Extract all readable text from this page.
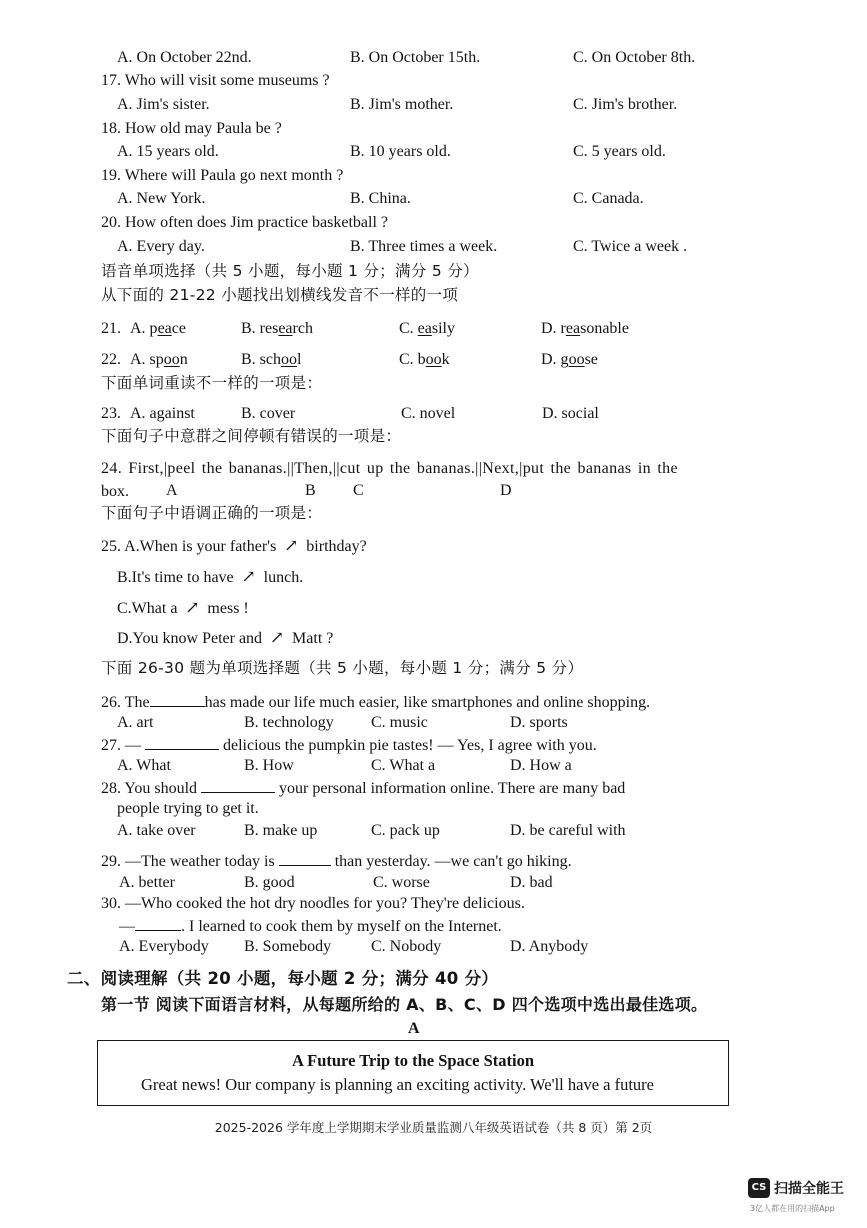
A. On October 22nd.	B. On October 15th.	C. On October 8th.
17. Who will visit some museums ?
A. Jim's sister.	B. Jim's mother.	C. Jim's brother.
18. How old may Paula be ?
A. 15 years old.	B. 10 years old.	C. 5 years old.
19. Where will Paula go next month ?
A. New York.	B. China.	C. Canada.
20. How often does Jim practice basketball ?
A. Every day.	B. Three times a week.	C. Twice a week .
语音单项选择（共 5 小题，每小题 1 分；满分 5 分）
从下面的 21-22 小题找出划横线发音不一样的一项
21. A. peace	B. research	C. easily	D. reasonable
22. A. spoon	B. school	C. book	D. goose
下面单词重读不一样的一项是：
23. A. against	B. cover	C. novel	D. social
下面句子中意群之间停顿有错误的一项是：
24. First,|peel the bananas.||Then,||cut up the bananas.||Next,|put the bananas in the
box. A	B C	D
下面句子中语调正确的一项是：
25. A.When is your father's ↗ birthday?
B.It's time to have ↗ lunch.
C.What a ↗ mess !
D.You know Peter and ↗ Matt ?
下面 26-30 题为单项选择题（共 5 小题，每小题 1 分；满分 5 分）
26. The	has made our life much easier, like smartphones and online shopping.
A. art	B. technology C. music	D. sports
27. —	delicious the pumpkin pie tastes! — Yes, I agree with you.
A. What	B. How	C. What a	D. How a
28. You should	your personal information online. There are many bad
people trying to get it.
A. take over	B. make up	C. pack up	D. be careful with
29. —The weather today is	than yesterday. —we can't go hiking.
A. better	B. good	C. worse	D. bad
30. —Who cooked the hot dry noodles for you? They're delicious.
—	. I learned to cook them by myself on the Internet.
A. Everybody B. Somebody C. Nobody	D. Anybody
二、阅读理解（共 20 小题，每小题 2 分；满分 40 分）
第一节 阅读下面语言材料，从每题所给的 A、B、C、D 四个选项中选出最佳选项。
A
A Future Trip to the Space Station
Great news! Our company is planning an exciting activity. We'll have a future
2025-2026 学年度上学期期末学业质量监测八年级英语试卷（共 8 页）第 2页
CS 扫描全能王
3亿人都在用的扫描App
